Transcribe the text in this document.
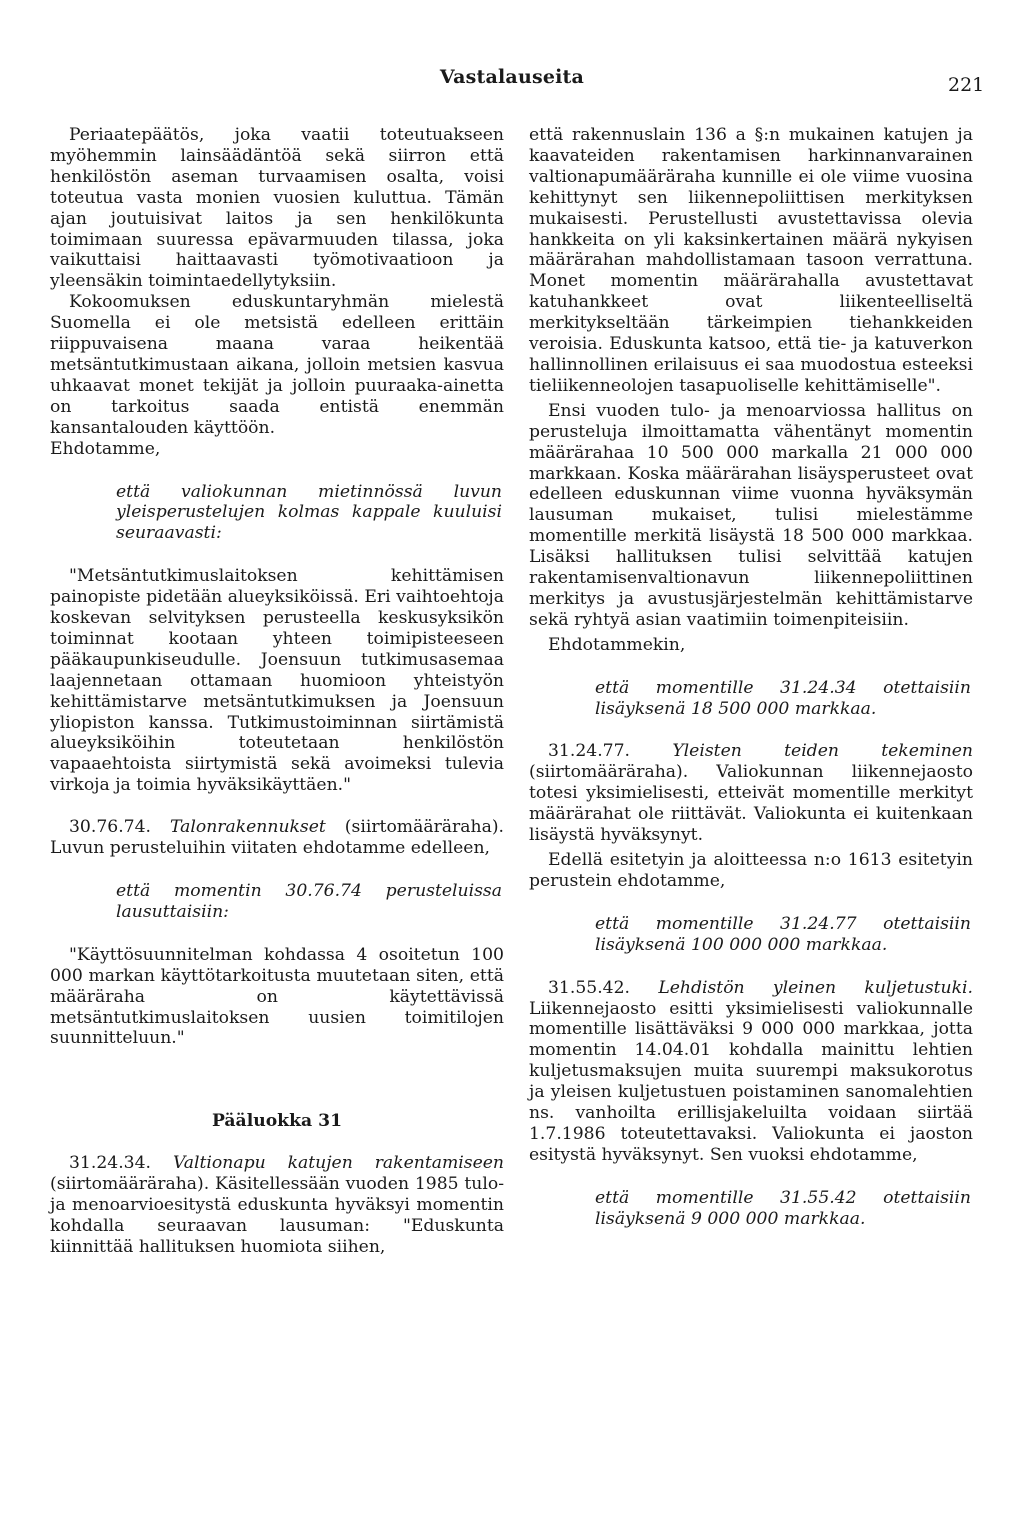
Vastalauseita	221

Periaatepäätös, joka vaatii toteutuakseen myöhemmin lainsäädäntöä sekä siirron että henkilöstön aseman turvaamisen osalta, voisi toteutua vasta monien vuosien kuluttua. Tämän ajan joutuisivat laitos ja sen henkilökunta toimimaan suuressa epävarmuuden tilassa, joka vaikuttaisi haittaavasti työmotivaatioon ja yleensäkin toimintaedellytyksiin.

Kokoomuksen eduskuntaryhmän mielestä Suomella ei ole metsistä edelleen erittäin riippuvaisena maana varaa heikentää metsäntutkimustaan aikana, jolloin metsien kasvua uhkaavat monet tekijät ja jolloin puuraaka-ainetta on tarkoitus saada entistä enemmän kansantalouden käyttöön.

Ehdotamme,

että valiokunnan mietinnössä luvun yleisperustelujen kolmas kappale kuuluisi seuraavasti:

"Metsäntutkimuslaitoksen kehittämisen painopiste pidetään alueyksiköissä. Eri vaihtoehtoja koskevan selvityksen perusteella keskusyksikön toiminnat kootaan yhteen toimipisteeseen pääkaupunkiseudulle. Joensuun tutkimusasemaa laajennetaan ottamaan huomioon yhteistyön kehittämistarve metsäntutkimuksen ja Joensuun yliopiston kanssa. Tutkimustoiminnan siirtämistä alueyksiköihin toteutetaan henkilöstön vapaaehtoista siirtymistä sekä avoimeksi tulevia virkoja ja toimia hyväksikäyttäen."

30.76.74. Talonrakennukset (siirtomääräraha). Luvun perusteluihin viitaten ehdotamme edelleen,

että momentin 30.76.74 perusteluissa lausuttaisiin:

"Käyttösuunnitelman kohdassa 4 osoitetun 100 000 markan käyttötarkoitusta muutetaan siten, että määräraha on käytettävissä metsäntutkimuslaitoksen uusien toimitilojen suunnitteluun."

Pääluokka 31

31.24.34. Valtionapu katujen rakentamiseen (siirtomääräraha). Käsitellessään vuoden 1985 tulo- ja menoarvioesitystä eduskunta hyväksyi momentin kohdalla seuraavan lausuman: "Eduskunta kiinnittää hallituksen huomiota siihen,

että rakennuslain 136 a §:n mukainen katujen ja kaavateiden rakentamisen harkinnanvarainen valtionapumääräraha kunnille ei ole viime vuosina kehittynyt sen liikennepoliittisen merkityksen mukaisesti. Perustellusti avustettavissa olevia hankkeita on yli kaksinkertainen määrä nykyisen määrärahan mahdollistamaan tasoon verrattuna. Monet momentin määrärahalla avustettavat katuhankkeet ovat liikenteelliseltä merkitykseltään tärkeimpien tiehankkeiden veroisia. Eduskunta katsoo, että tie- ja katuverkon hallinnollinen erilaisuus ei saa muodostua esteeksi tieliikenneolojen tasapuoliselle kehittämiselle".

Ensi vuoden tulo- ja menoarviossa hallitus on perusteluja ilmoittamatta vähentänyt momentin määrärahaa 10 500 000 markalla 21 000 000 markkaan. Koska määrärahan lisäysperusteet ovat edelleen eduskunnan viime vuonna hyväksymän lausuman mukaiset, tulisi mielestämme momentille merkitä lisäystä 18 500 000 markkaa. Lisäksi hallituksen tulisi selvittää katujen rakentamisenvaltionavun liikennepoliittinen merkitys ja avustusjärjestelmän kehittämistarve sekä ryhtyä asian vaatimiin toimenpiteisiin.

Ehdotammekin,

että momentille 31.24.34 otettaisiin lisäyksenä 18 500 000 markkaa.

31.24.77. Yleisten teiden tekeminen (siirtomääräraha). Valiokunnan liikennejaosto totesi yksimielisesti, etteivät momentille merkityt määrärahat ole riittävät. Valiokunta ei kuitenkaan lisäystä hyväksynyt.

Edellä esitetyin ja aloitteessa n:o 1613 esitetyin perustein ehdotamme,

että momentille 31.24.77 otettaisiin lisäyksenä 100 000 000 markkaa.

31.55.42. Lehdistön yleinen kuljetustuki. Liikennejaosto esitti yksimielisesti valiokunnalle momentille lisättäväksi 9 000 000 markkaa, jotta momentin 14.04.01 kohdalla mainittu lehtien kuljetusmaksujen muita suurempi maksukorotus ja yleisen kuljetustuen poistaminen sanomalehtien ns. vanhoilta erillisjakeluilta voidaan siirtää 1.7.1986 toteutettavaksi. Valiokunta ei jaoston esitystä hyväksynyt. Sen vuoksi ehdotamme,

että momentille 31.55.42 otettaisiin lisäyksenä 9 000 000 markkaa.
